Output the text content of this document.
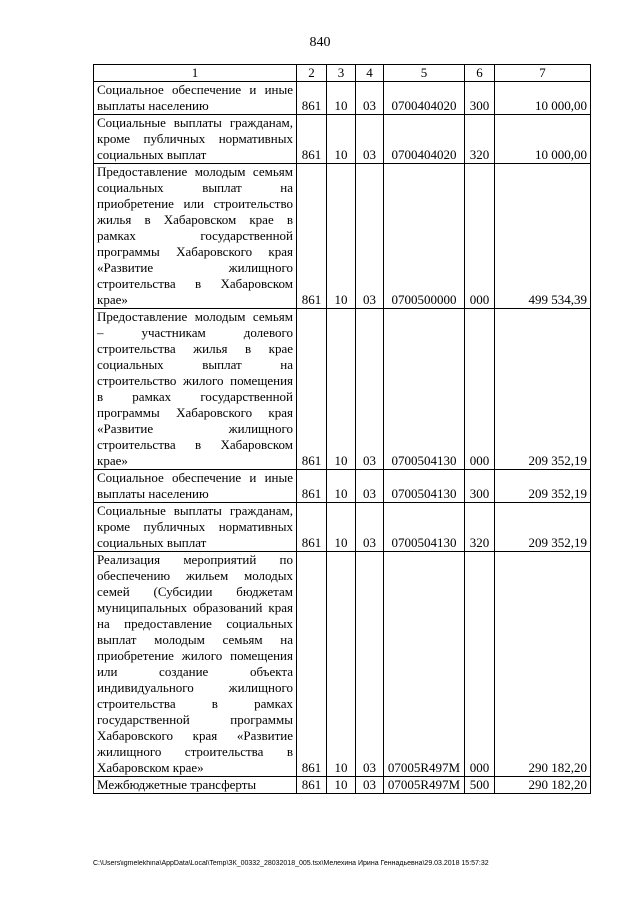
840
1	2	3	4	5	6	7
Социальное обеспечение и иные выплаты населению	861	10	03	0700404020	300	10 000,00
Социальные выплаты гражданам, кроме публичных нормативных социальных выплат	861	10	03	0700404020	320	10 000,00
Предоставление молодым семьям социальных выплат на приобретение или строительство жилья в Хабаровском крае в рамках государственной программы Хабаровского края «Развитие жилищного строительства в Хабаровском крае»	861	10	03	0700500000	000	499 534,39
Предоставление молодым семьям – участникам долевого строительства жилья в крае социальных выплат на строительство жилого помещения в рамках государственной программы Хабаровского края «Развитие жилищного строительства в Хабаровском крае»	861	10	03	0700504130	000	209 352,19
Социальное обеспечение и иные выплаты населению	861	10	03	0700504130	300	209 352,19
Социальные выплаты гражданам, кроме публичных нормативных социальных выплат	861	10	03	0700504130	320	209 352,19
Реализация мероприятий по обеспечению жильем молодых семей (Субсидии бюджетам муниципальных образований края на предоставление социальных выплат молодым семьям на приобретение жилого помещения или создание объекта индивидуального жилищного строительства в рамках государственной программы Хабаровского края «Развитие жилищного строительства в Хабаровском крае»	861	10	03	07005R497M	000	290 182,20
Межбюджетные трансферты	861	10	03	07005R497M	500	290 182,20
C:\Users\igmelekhina\AppData\Local\Temp\ЗК_00332_28032018_005.tsx\Мелехина Ирина Геннадьевна\29.03.2018 15:57:32
